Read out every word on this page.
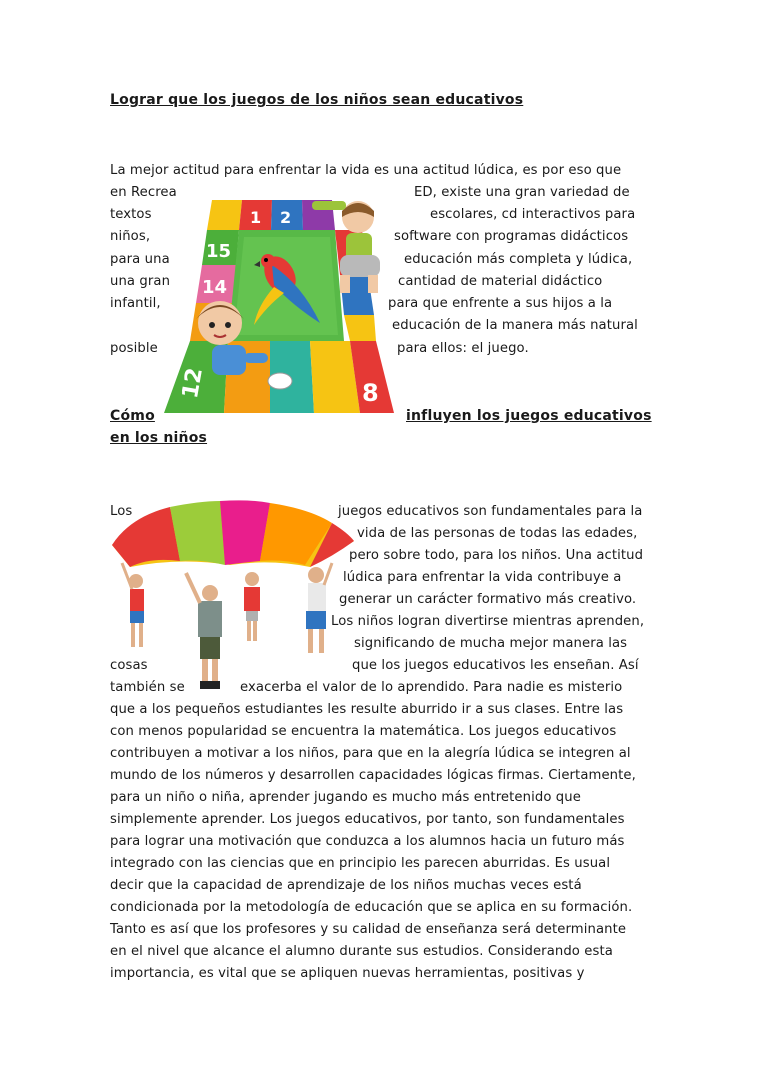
Lograr que los juegos de los niños sean educativos

La mejor actitud para enfrentar la vida es una actitud lúdica, es por eso que

en Recrea	ED, existe una gran variedad de

textos	escolares, cd interactivos para

niños,	software con programas didácticos

para una	educación más completa y lúdica,

una gran	cantidad de material didáctico

infantil,	para que enfrente a sus hijos a la

educación de la manera más natural

posible	para ellos: el juego.

1 2
15
14
12	8
Cómo	influyen los juegos educativos
en los niños

Los	juegos educativos son fundamentales para la

vida de las personas de todas las edades,

pero sobre todo, para los niños. Una actitud

lúdica para enfrentar la vida contribuye a

generar un carácter formativo más creativo.

Los niños logran divertirse mientras aprenden,

significando de mucha mejor manera las

cosas	que los juegos educativos les enseñan. Así

también se	exacerba el valor de lo aprendido. Para nadie es misterio

que a los pequeños estudiantes les resulte aburrido ir a sus clases. Entre las

con menos popularidad se encuentra la matemática. Los juegos educativos

contribuyen a motivar a los niños, para que en la alegría lúdica se integren al

mundo de los números y desarrollen capacidades lógicas firmas. Ciertamente,

para un niño o niña, aprender jugando es mucho más entretenido que

simplemente aprender. Los juegos educativos, por tanto, son fundamentales

para lograr una motivación que conduzca a los alumnos hacia un futuro más

integrado con las ciencias que en principio les parecen aburridas. Es usual

decir que la capacidad de aprendizaje de los niños muchas veces está

condicionada por la metodología de educación que se aplica en su formación.

Tanto es así que los profesores y su calidad de enseñanza será determinante

en el nivel que alcance el alumno durante sus estudios. Considerando esta

importancia, es vital que se apliquen nuevas herramientas, positivas y
